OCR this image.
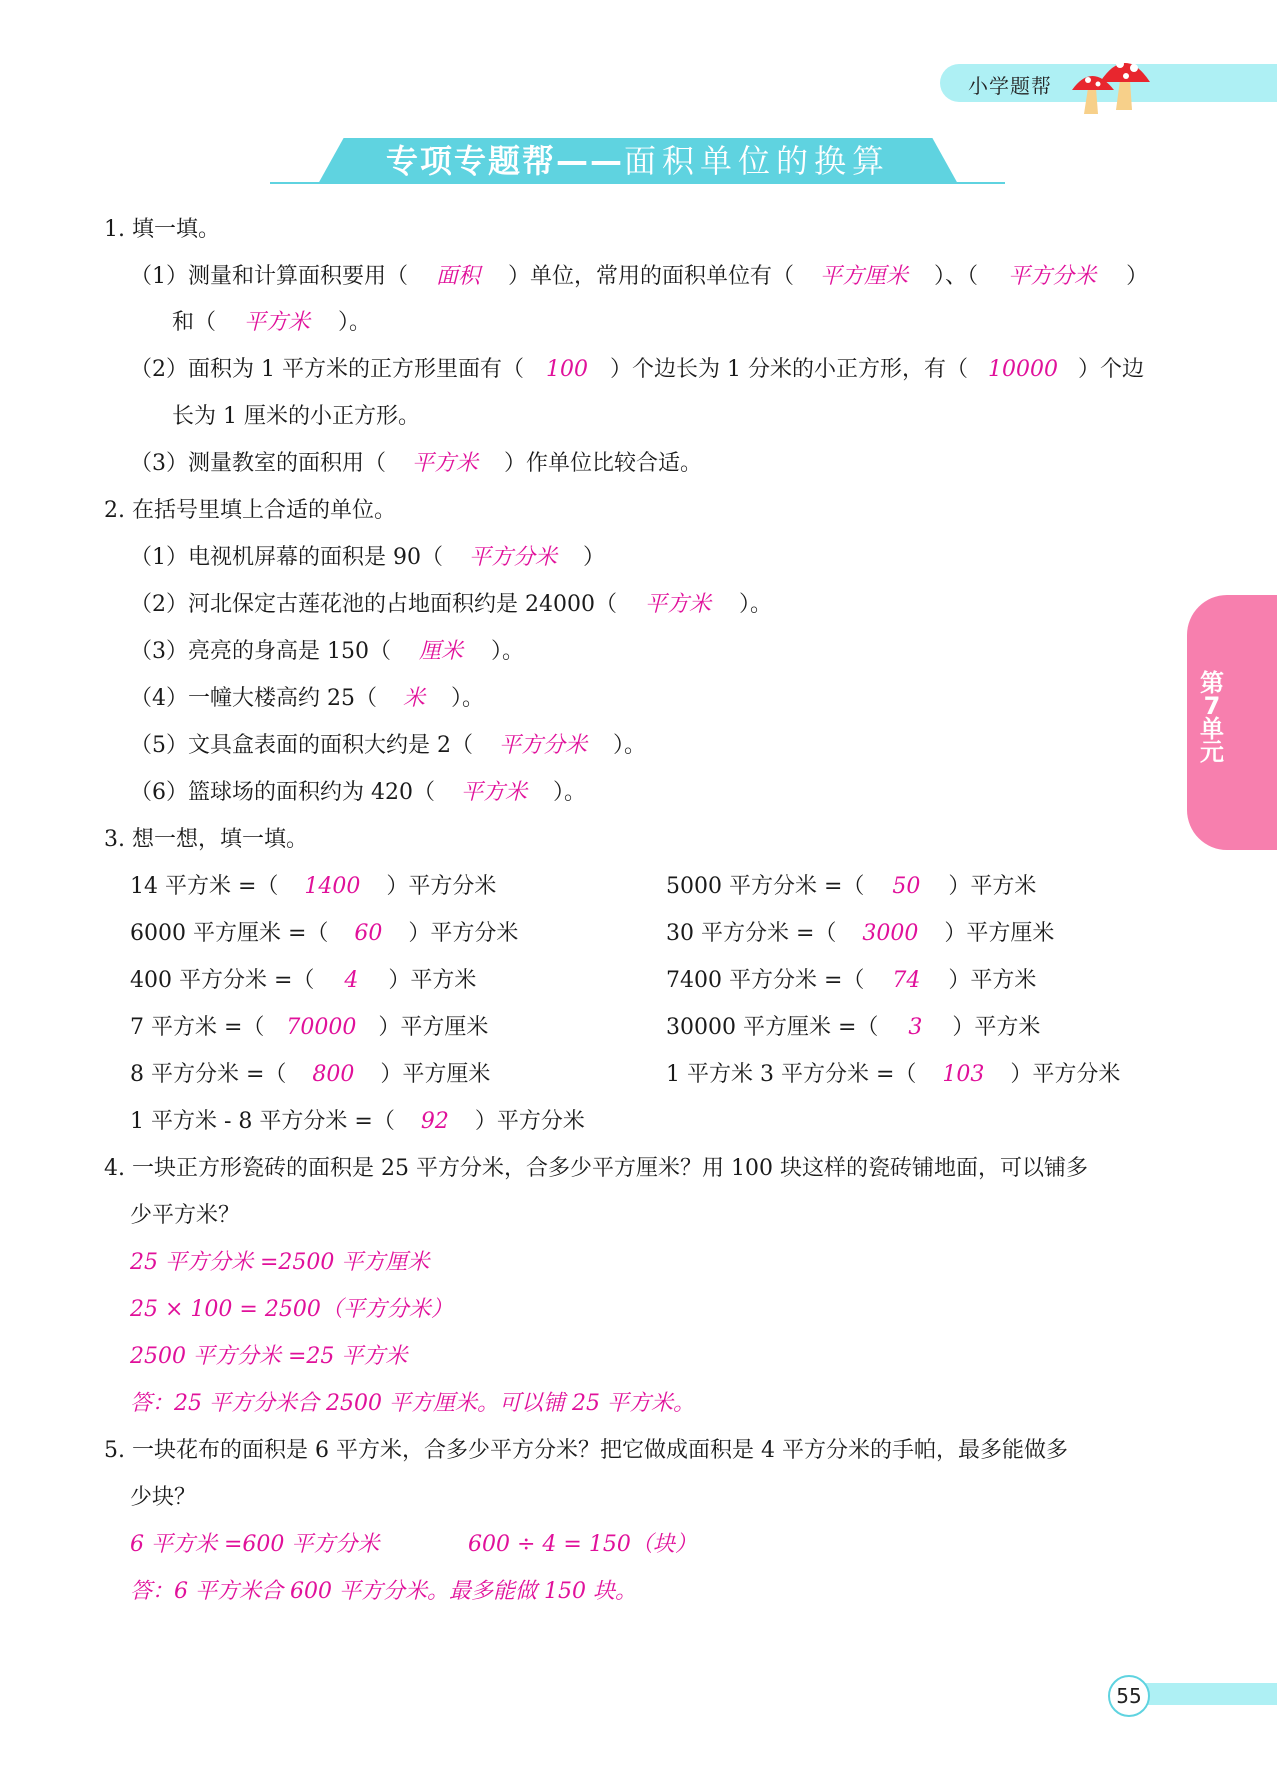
小学题帮
专项专题帮——面积单位的换算
第
7
单
元
1. 填一填。
（1）测量和计算面积要用（ 面积 ）单位，常用的面积单位有（ 平方厘米 ）、（ 平方分米 ）
和（ 平方米 ）。
（2）面积为 1 平方米的正方形里面有（ 100 ）个边长为 1 分米的小正方形，有（ 10000 ）个边
长为 1 厘米的小正方形。
（3）测量教室的面积用（ 平方米 ）作单位比较合适。
2. 在括号里填上合适的单位。
（1）电视机屏幕的面积是 90（ 平方分米 ）
（2）河北保定古莲花池的占地面积约是 24000（ 平方米 ）。
（3）亮亮的身高是 150（ 厘米 ）。
（4）一幢大楼高约 25（ 米 ）。
（5）文具盒表面的面积大约是 2（ 平方分米 ）。
（6）篮球场的面积约为 420（ 平方米 ）。
3. 想一想，填一填。
14 平方米 =（ 1400 ）平方分米
6000 平方厘米 =（ 60 ）平方分米
400 平方分米 =（ 4 ）平方米
7 平方米 =（ 70000 ）平方厘米
8 平方分米 =（ 800 ）平方厘米
1 平方米 - 8 平方分米 =（ 92 ）平方分米
5000 平方分米 =（ 50 ）平方米
30 平方分米 =（ 3000 ）平方厘米
7400 平方分米 =（ 74 ）平方米
30000 平方厘米 =（ 3 ）平方米
1 平方米 3 平方分米 =（ 103 ）平方分米
4. 一块正方形瓷砖的面积是 25 平方分米，合多少平方厘米？用 100 块这样的瓷砖铺地面，可以铺多
少平方米？
25 平方分米 =2500 平方厘米
25 × 100 = 2500（平方分米）
2500 平方分米 =25 平方米
答：25 平方分米合 2500 平方厘米。可以铺 25 平方米。
5. 一块花布的面积是 6 平方米，合多少平方分米？把它做成面积是 4 平方分米的手帕，最多能做多
少块？
6 平方米 =600 平方分米	600 ÷ 4 = 150（块）
答：6 平方米合 600 平方分米。最多能做 150 块。
55
